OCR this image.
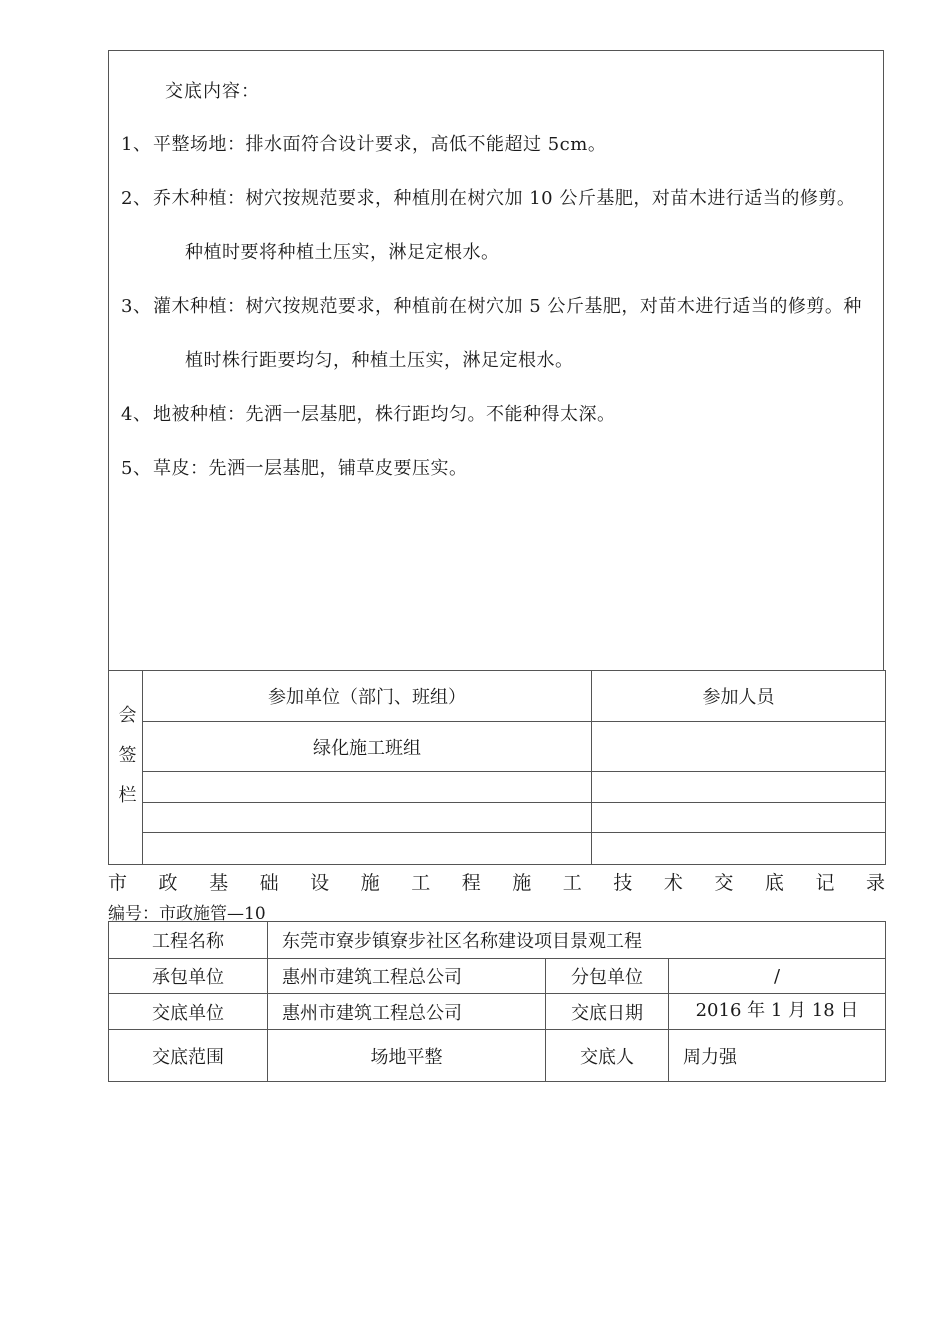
交底内容：
1、平整场地：排水面符合设计要求，高低不能超过 5cm。
2、乔木种植：树穴按规范要求，种植刖在树穴加 10 公斤基肥，对苗木进行适当的修剪。种植时要将种植土压实，淋足定根水。
3、灌木种植：树穴按规范要求，种植前在树穴加 5 公斤基肥，对苗木进行适当的修剪。种植时株行距要均匀，种植土压实，淋足定根水。
4、地被种植：先洒一层基肥，株行距均匀。不能种得太深。
5、草皮：先洒一层基肥，铺草皮要压实。
会签栏	参加单位（部门、班组）	参加人员
	绿化施工班组	

市 政 基 础 设 施 工 程 施 工 技 术 交 底 记 录
编号：市政施管—10
工程名称	东莞市寮步镇寮步社区名称建设项目景观工程		
承包单位	惠州市建筑工程总公司	分包单位	/
交底单位	惠州市建筑工程总公司	交底日期	2016 年 1 月 18 日
交底范围	场地平整	交底人	周力强
